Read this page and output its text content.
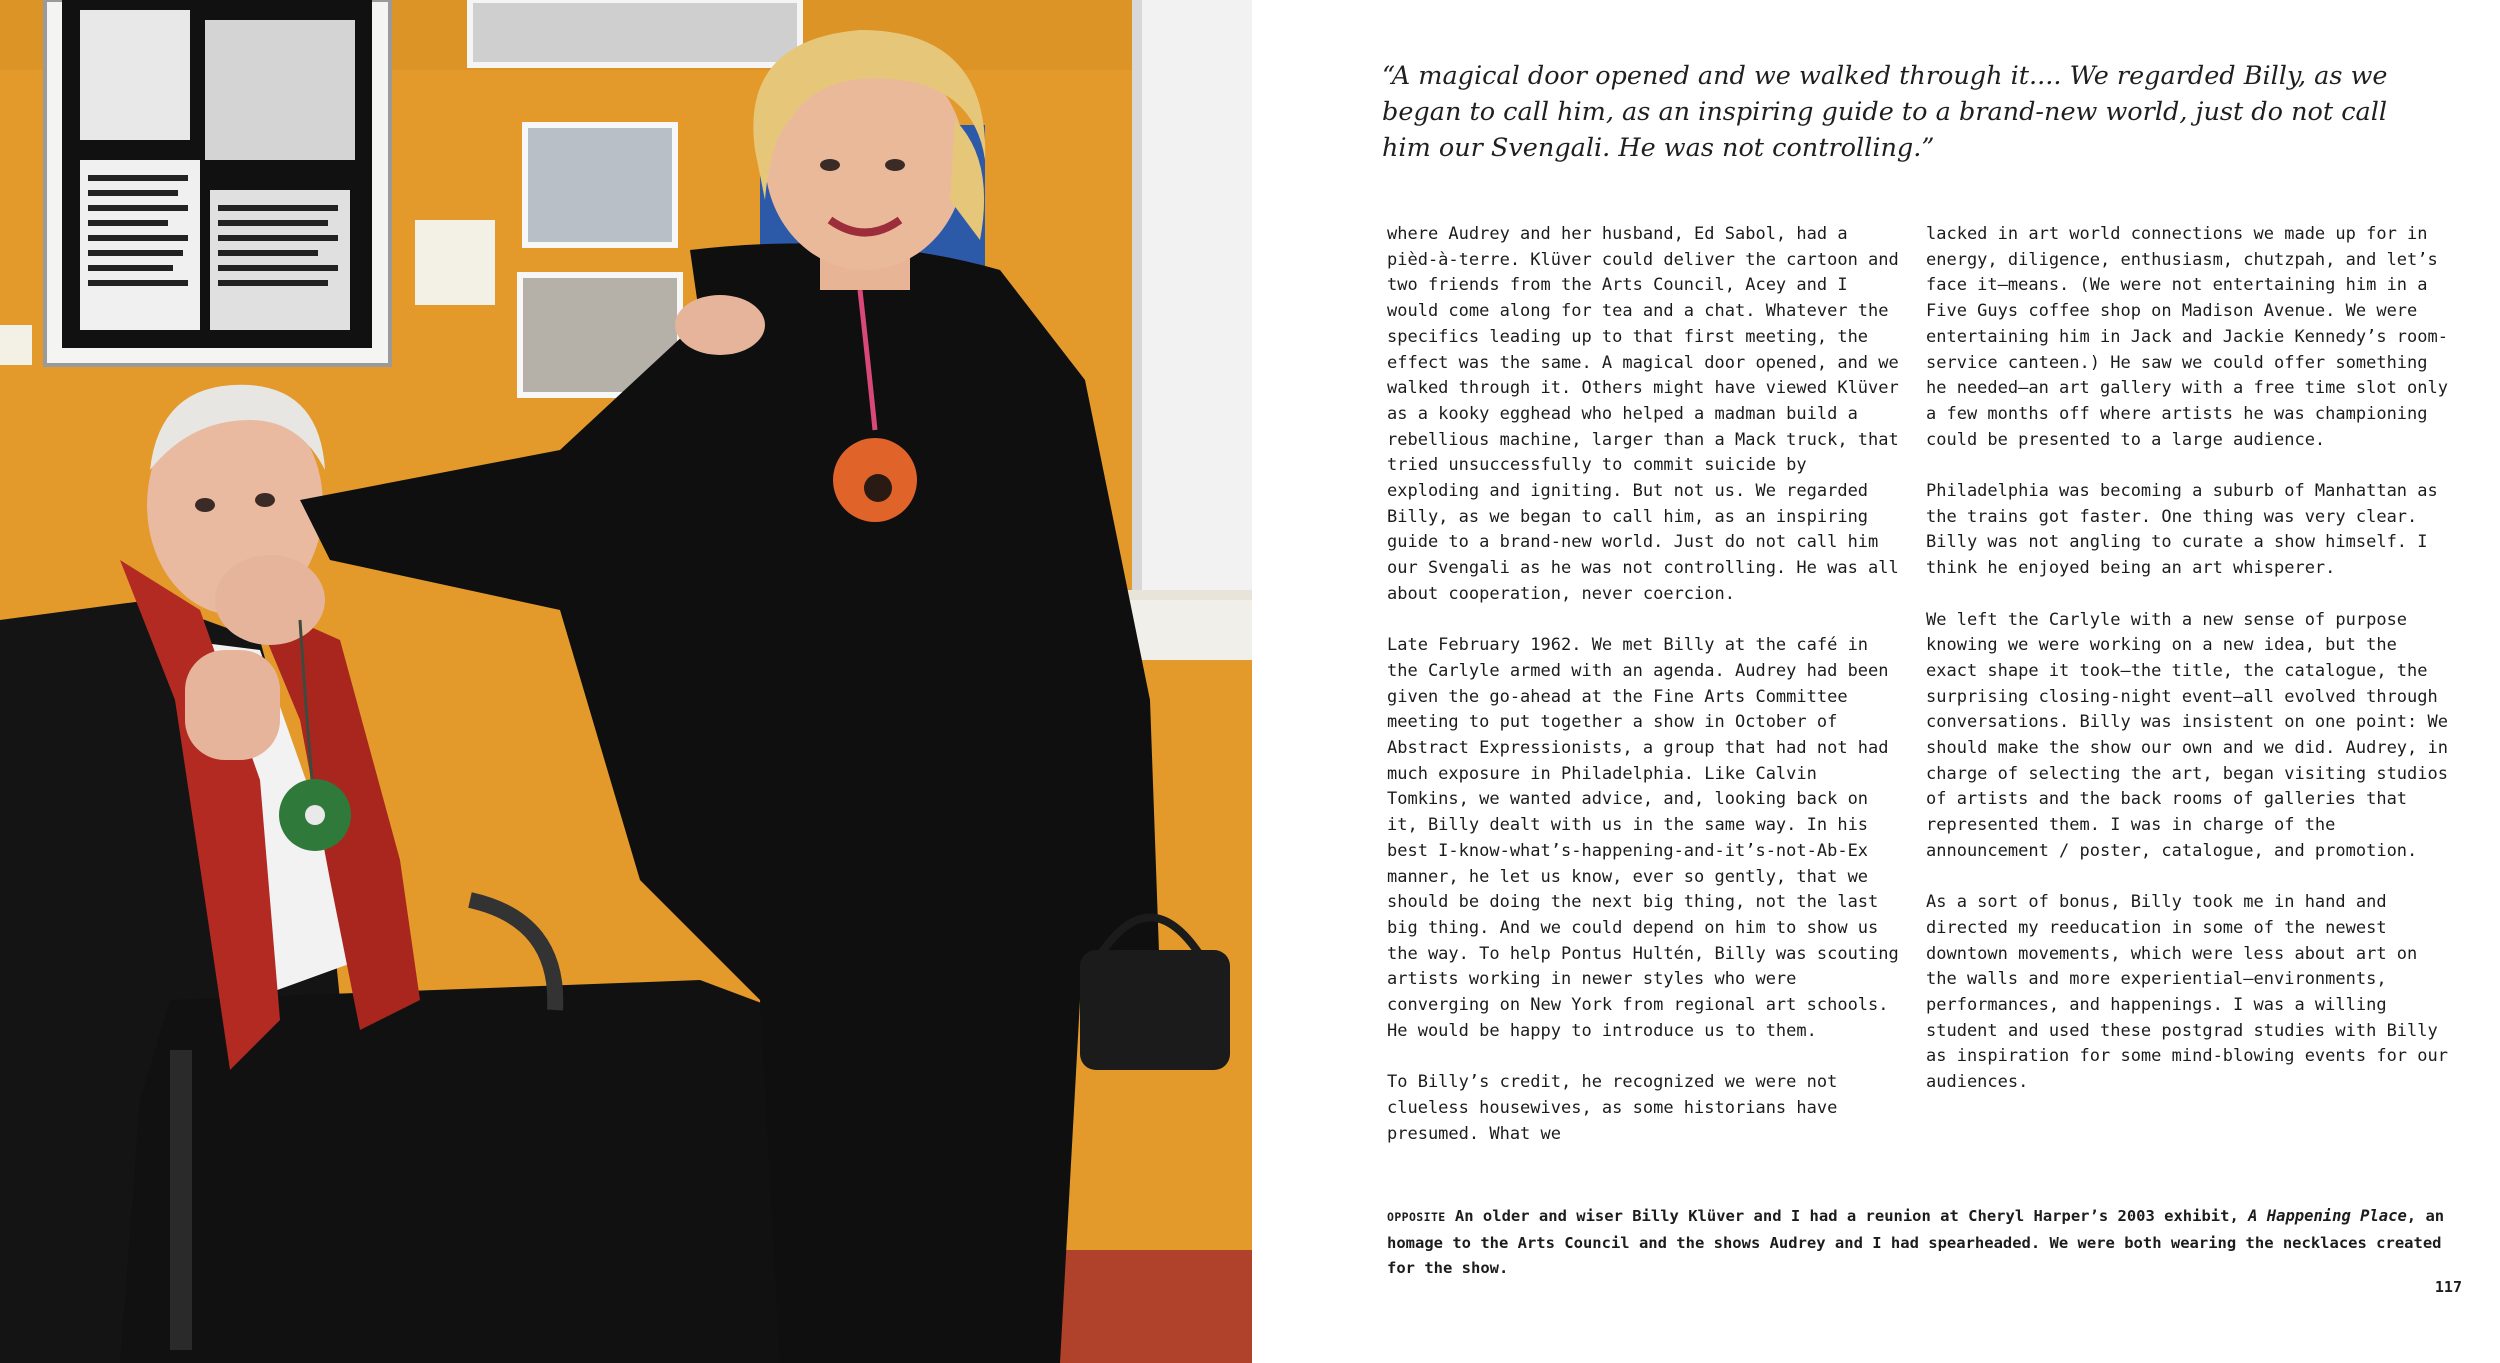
“A magical door opened and we walked through it.... We regarded Billy, as we began to call him, as an inspiring guide to a brand-new world, just do not call him our Svengali. He was not controlling.”

where Audrey and her husband, Ed Sabol, had a pièd-à-terre. Klüver could deliver the cartoon and two friends from the Arts Council, Acey and I would come along for tea and a chat. Whatever the specifics leading up to that first meeting, the effect was the same. A magical door opened, and we walked through it. Others might have viewed Klüver as a kooky egghead who helped a madman build a rebellious machine, larger than a Mack truck, that tried unsuccessfully to commit suicide by exploding and igniting. But not us. We regarded Billy, as we began to call him, as an inspiring guide to a brand-new world. Just do not call him our Svengali as he was not controlling. He was all about cooperation, never coercion.

Late February 1962. We met Billy at the café in the Carlyle armed with an agenda. Audrey had been given the go-ahead at the Fine Arts Committee meeting to put together a show in October of Abstract Expressionists, a group that had not had much exposure in Philadelphia. Like Calvin Tomkins, we wanted advice, and, looking back on it, Billy dealt with us in the same way. In his best I-know-what’s-happening-and-it’s-not-Ab-Ex manner, he let us know, ever so gently, that we should be doing the next big thing, not the last big thing. And we could depend on him to show us the way. To help Pontus Hultén, Billy was scouting artists working in newer styles who were converging on New York from regional art schools. He would be happy to introduce us to them.

To Billy’s credit, he recognized we were not clueless housewives, as some historians have presumed. What we

lacked in art world connections we made up for in energy, diligence, enthusiasm, chutzpah, and let’s face it—means. (We were not entertaining him in a Five Guys coffee shop on Madison Avenue. We were entertaining him in Jack and Jackie Kennedy’s room-service canteen.) He saw we could offer something he needed—an art gallery with a free time slot only a few months off where artists he was championing could be presented to a large audience.

Philadelphia was becoming a suburb of Manhattan as the trains got faster. One thing was very clear. Billy was not angling to curate a show himself. I think he enjoyed being an art whisperer.

We left the Carlyle with a new sense of purpose knowing we were working on a new idea, but the exact shape it took—the title, the catalogue, the surprising closing-night event—all evolved through conversations. Billy was insistent on one point: We should make the show our own and we did. Audrey, in charge of selecting the art, began visiting studios of artists and the back rooms of galleries that represented them. I was in charge of the announcement / poster, catalogue, and promotion.

As a sort of bonus, Billy took me in hand and directed my reeducation in some of the newest downtown movements, which were less about art on the walls and more experiential—environments, performances, and happenings. I was a willing student and used these postgrad studies with Billy as inspiration for some mind-blowing events for our audiences.

OPPOSITE An older and wiser Billy Klüver and I had a reunion at Cheryl Harper’s 2003 exhibit, A Happening Place, an homage to the Arts Council and the shows Audrey and I had spearheaded. We were both wearing the necklaces created for the show.

117
